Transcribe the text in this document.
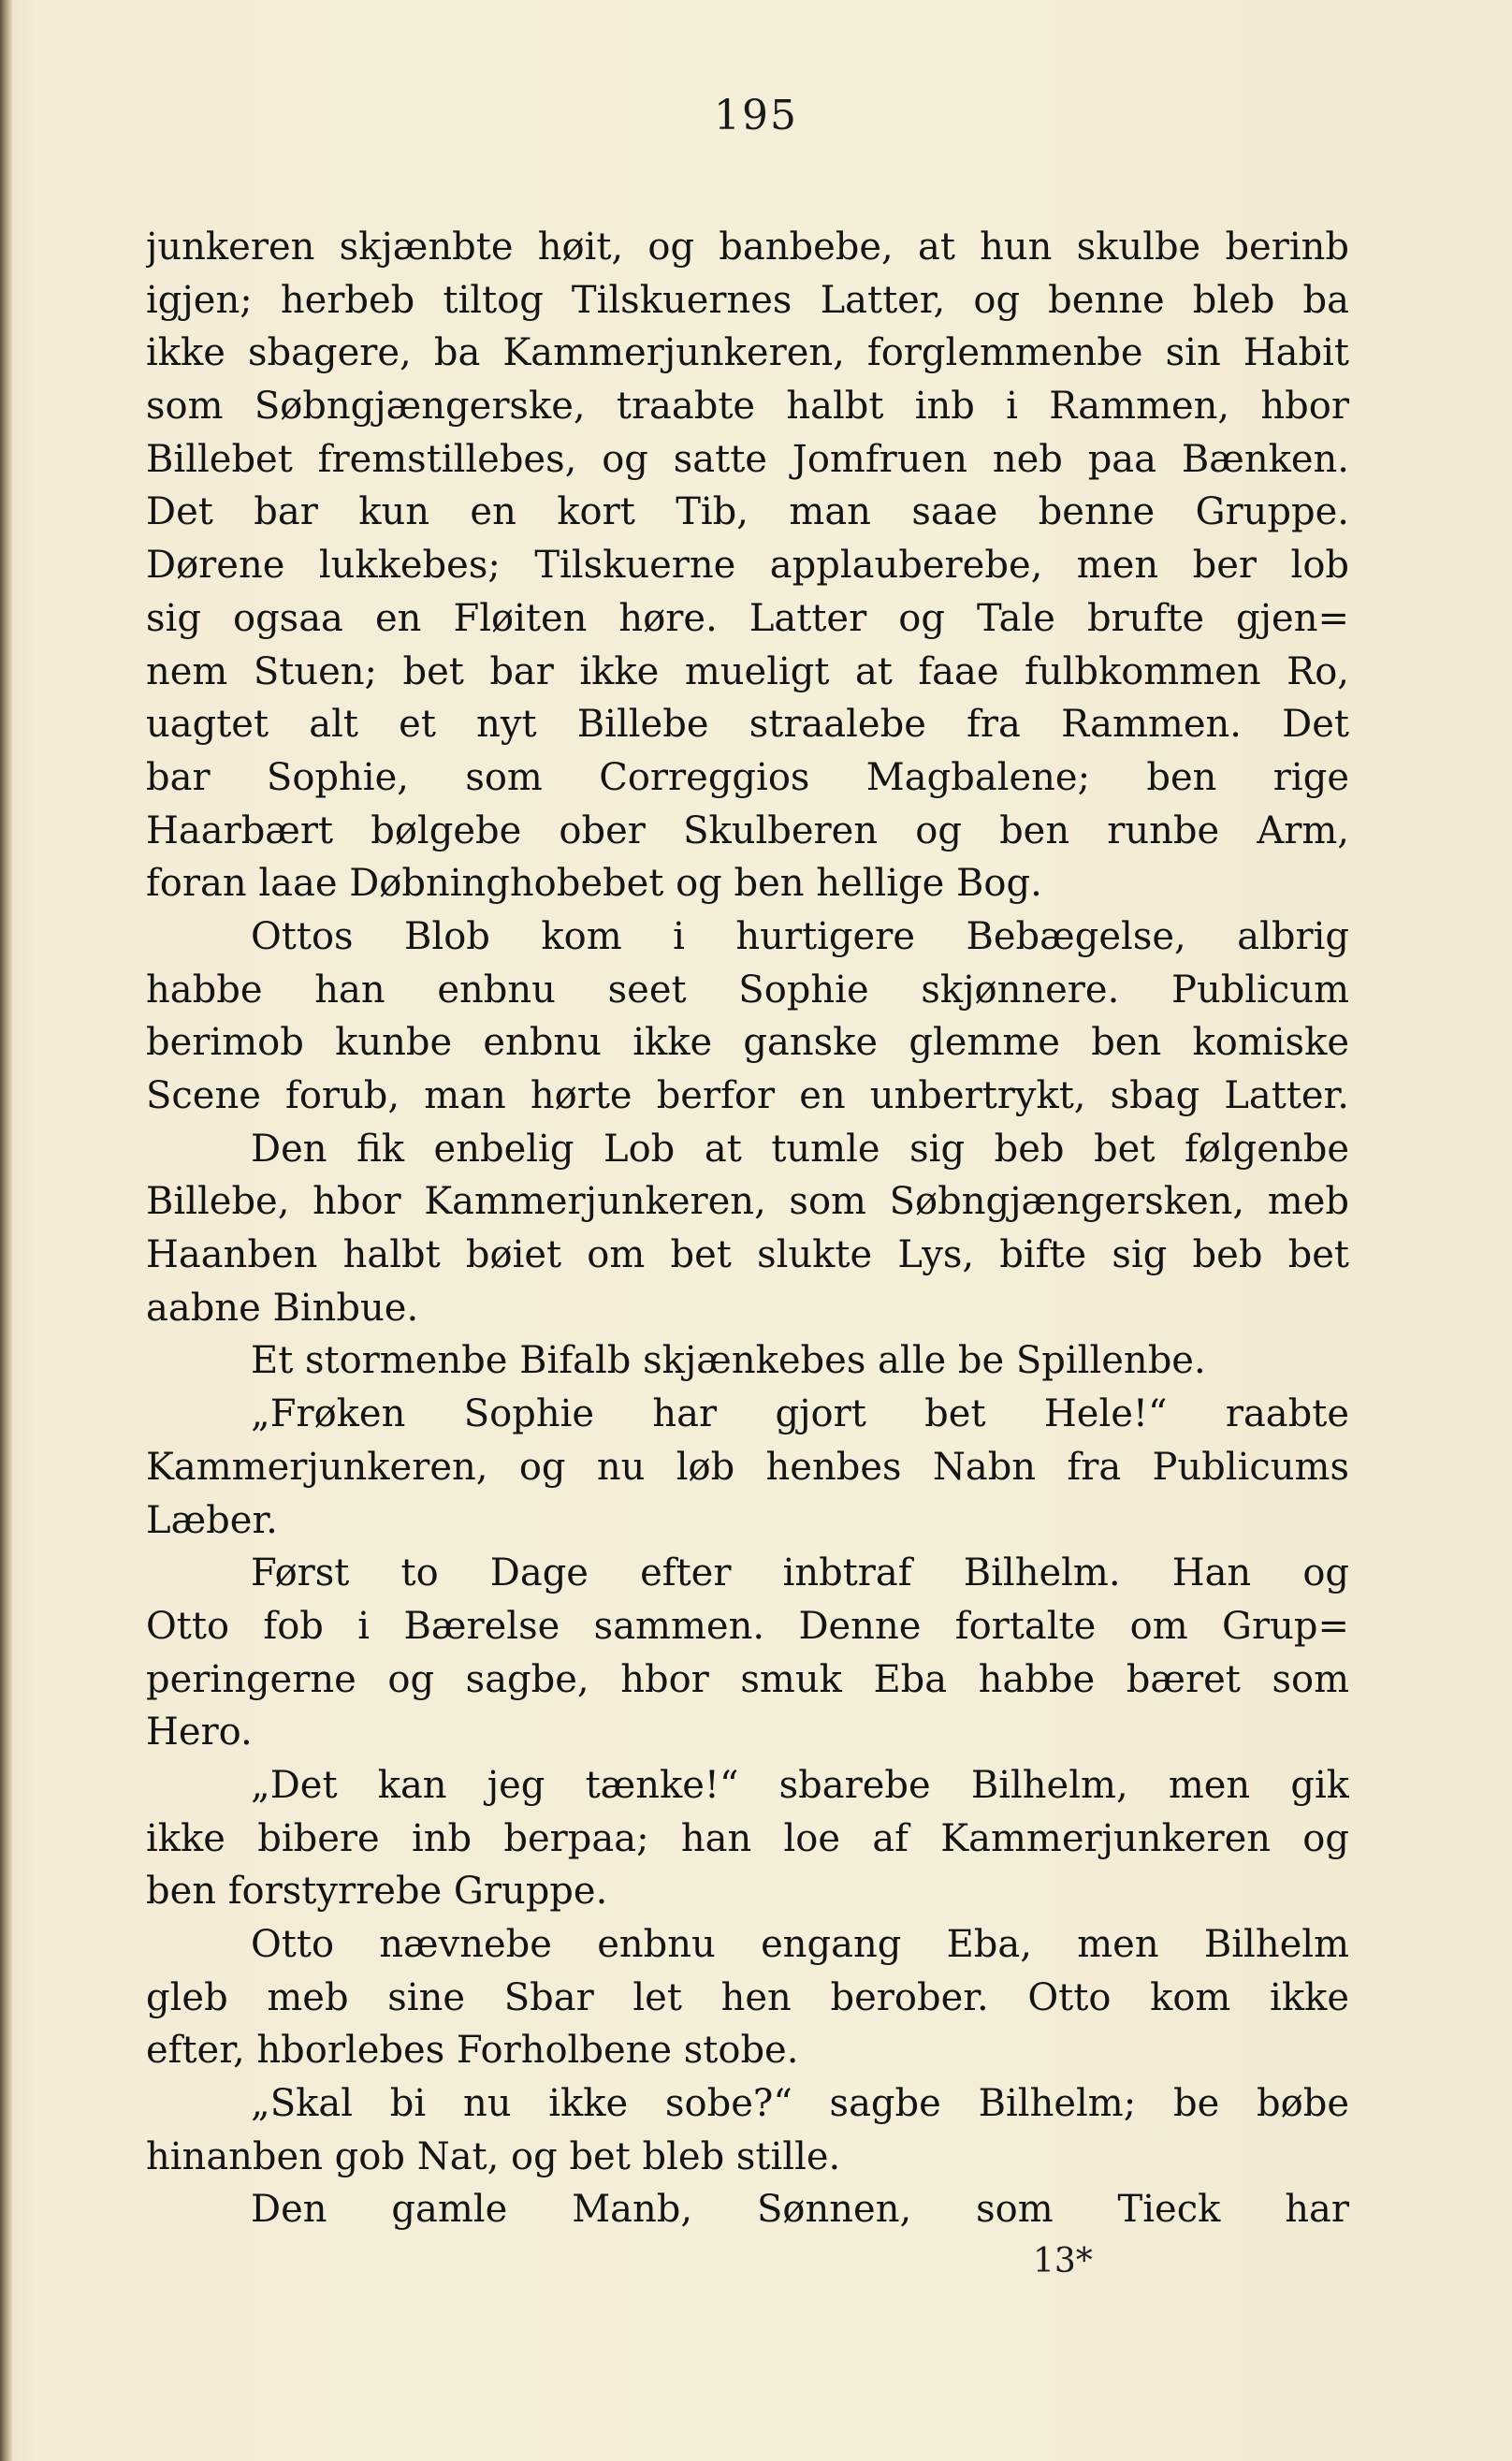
195
junkeren skjænbte høit, og banbebe, at hun skulbe berinb
igjen; herbeb tiltog Tilskuernes Latter, og benne bleb ba
ikke sbagere, ba Kammerjunkeren, forglemmenbe sin Habit
som Søbngjængerske, traabte halbt inb i Rammen, hbor
Billebet fremstillebes, og satte Jomfruen neb paa Bænken.
Det bar kun en kort Tib, man saae benne Gruppe.
Dørene lukkebes; Tilskuerne applauberebe, men ber lob
sig ogsaa en Fløiten høre. Latter og Tale brufte gjen=
nem Stuen; bet bar ikke mueligt at faae fulbkommen Ro,
uagtet alt et nyt Billebe straalebe fra Rammen. Det
bar Sophie, som Correggios Magbalene; ben rige
Haarbært bølgebe ober Skulberen og ben runbe Arm,
foran laae Døbninghobebet og ben hellige Bog.
Ottos Blob kom i hurtigere Bebægelse, albrig
habbe han enbnu seet Sophie skjønnere. Publicum
berimob kunbe enbnu ikke ganske glemme ben komiske
Scene forub, man hørte berfor en unbertrykt, sbag Latter.
Den fik enbelig Lob at tumle sig beb bet følgenbe
Billebe, hbor Kammerjunkeren, som Søbngjængersken, meb
Haanben halbt bøiet om bet slukte Lys, bifte sig beb bet
aabne Binbue.
Et stormenbe Bifalb skjænkebes alle be Spillenbe.
„Frøken Sophie har gjort bet Hele!“ raabte
Kammerjunkeren, og nu løb henbes Nabn fra Publicums
Læber.
Først to Dage efter inbtraf Bilhelm. Han og
Otto fob i Bærelse sammen. Denne fortalte om Grup=
peringerne og sagbe, hbor smuk Eba habbe bæret som
Hero.
„Det kan jeg tænke!“ sbarebe Bilhelm, men gik
ikke bibere inb berpaa; han loe af Kammerjunkeren og
ben forstyrrebe Gruppe.
Otto nævnebe enbnu engang Eba, men Bilhelm
gleb meb sine Sbar let hen berober. Otto kom ikke
efter, hborlebes Forholbene stobe.
„Skal bi nu ikke sobe?“ sagbe Bilhelm; be bøbe
hinanben gob Nat, og bet bleb stille.
Den gamle Manb, Sønnen, som Tieck har
13*
